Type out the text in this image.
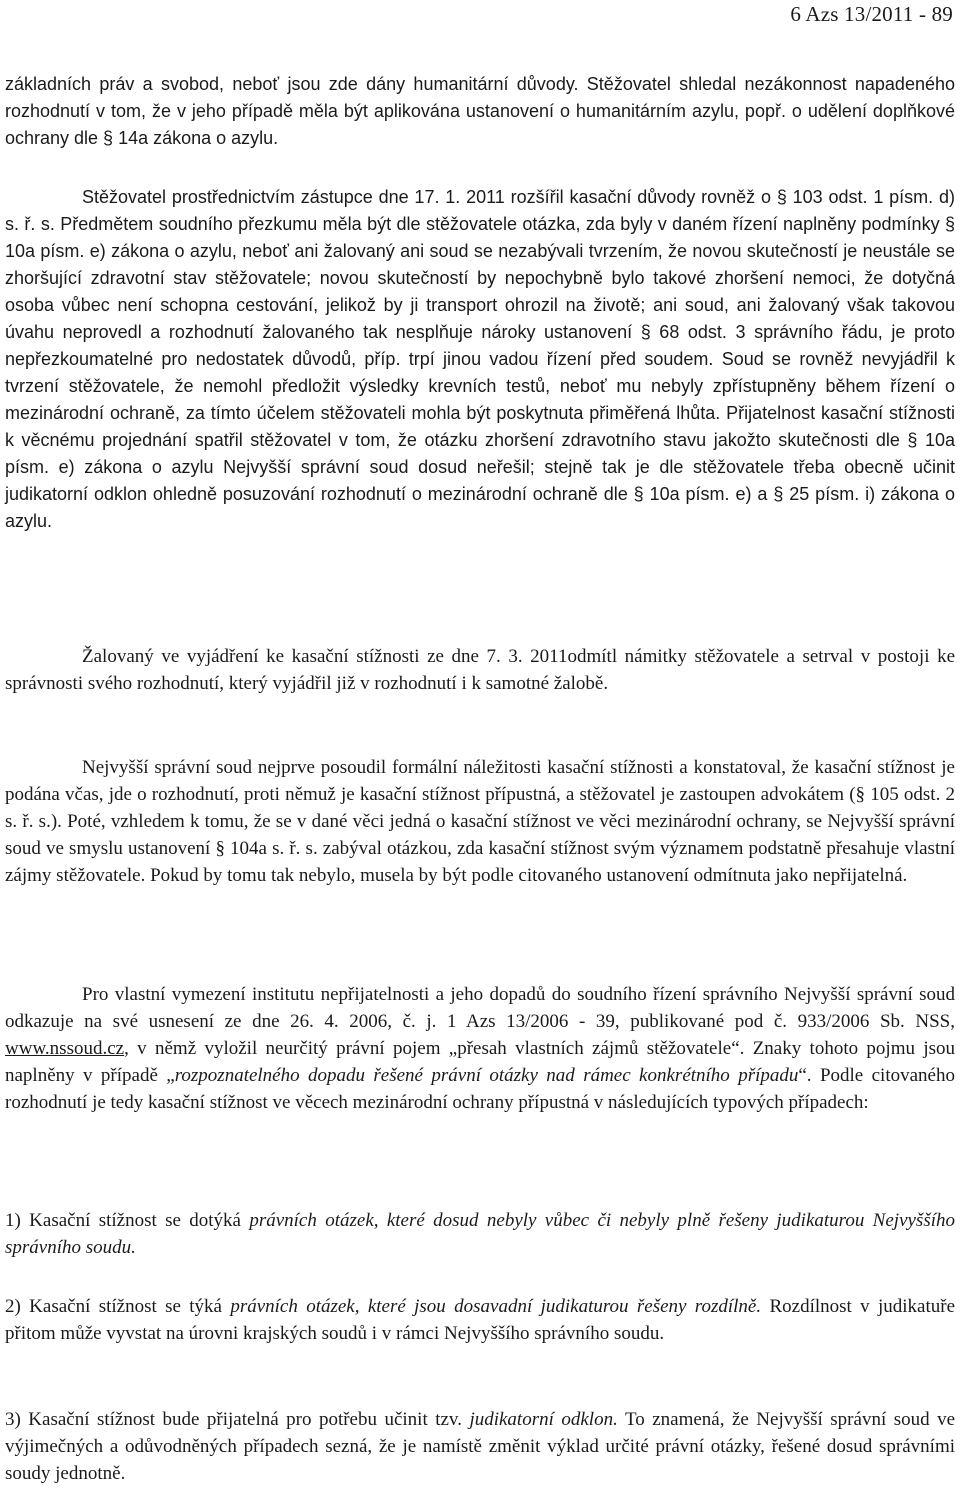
6 Azs 13/2011 - 89

základních práv a svobod, neboť jsou zde dány humanitární důvody. Stěžovatel shledal nezákonnost napadeného rozhodnutí v tom, že v jeho případě měla být aplikována ustanovení o humanitárním azylu, popř. o udělení doplňkové ochrany dle § 14a zákona o azylu.

Stěžovatel prostřednictvím zástupce dne 17. 1. 2011 rozšířil kasační důvody rovněž o § 103 odst. 1 písm. d) s. ř. s. Předmětem soudního přezkumu měla být dle stěžovatele otázka, zda byly v daném řízení naplněny podmínky § 10a písm. e) zákona o azylu, neboť ani žalovaný ani soud se nezabývali tvrzením, že novou skutečností je neustále se zhoršující zdravotní stav stěžovatele; novou skutečností by nepochybně bylo takové zhoršení nemoci, že dotyčná osoba vůbec není schopna cestování, jelikož by ji transport ohrozil na životě; ani soud, ani žalovaný však takovou úvahu neprovedl a rozhodnutí žalovaného tak nesplňuje nároky ustanovení § 68 odst. 3 správního řádu, je proto nepřezkoumatelné pro nedostatek důvodů, příp. trpí jinou vadou řízení před soudem. Soud se rovněž nevyjádřil k tvrzení stěžovatele, že nemohl předložit výsledky krevních testů, neboť mu nebyly zpřístupněny během řízení o mezinárodní ochraně, za tímto účelem stěžovateli mohla být poskytnuta přiměřená lhůta. Přijatelnost kasační stížnosti k věcnému projednání spatřil stěžovatel v tom, že otázku zhoršení zdravotního stavu jakožto skutečnosti dle § 10a písm. e) zákona o azylu Nejvyšší správní soud dosud neřešil; stejně tak je dle stěžovatele třeba obecně učinit judikatorní odklon ohledně posuzování rozhodnutí o mezinárodní ochraně dle § 10a písm. e) a § 25 písm. i) zákona o azylu.

Žalovaný ve vyjádření ke kasační stížnosti ze dne 7. 3. 2011odmítl námitky stěžovatele a setrval v postoji ke správnosti svého rozhodnutí, který vyjádřil již v rozhodnutí i k samotné žalobě.

Nejvyšší správní soud nejprve posoudil formální náležitosti kasační stížnosti a konstatoval, že kasační stížnost je podána včas, jde o rozhodnutí, proti němuž je kasační stížnost přípustná, a stěžovatel je zastoupen advokátem (§ 105 odst. 2 s. ř. s.). Poté, vzhledem k tomu, že se v dané věci jedná o kasační stížnost ve věci mezinárodní ochrany, se Nejvyšší správní soud ve smyslu ustanovení § 104a s. ř. s. zabýval otázkou, zda kasační stížnost svým významem podstatně přesahuje vlastní zájmy stěžovatele. Pokud by tomu tak nebylo, musela by být podle citovaného ustanovení odmítnuta jako nepřijatelná.

Pro vlastní vymezení institutu nepřijatelnosti a jeho dopadů do soudního řízení správního Nejvyšší správní soud odkazuje na své usnesení ze dne 26. 4. 2006, č. j. 1 Azs 13/2006 - 39, publikované pod č. 933/2006 Sb. NSS, www.nssoud.cz, v němž vyložil neurčitý právní pojem „přesah vlastních zájmů stěžovatele“. Znaky tohoto pojmu jsou naplněny v případě „rozpoznatelného dopadu řešené právní otázky nad rámec konkrétního případu“. Podle citovaného rozhodnutí je tedy kasační stížnost ve věcech mezinárodní ochrany přípustná v následujících typových případech:

1) Kasační stížnost se dotýká právních otázek, které dosud nebyly vůbec či nebyly plně řešeny judikaturou Nejvyššího správního soudu.

2) Kasační stížnost se týká právních otázek, které jsou dosavadní judikaturou řešeny rozdílně. Rozdílnost v judikatuře přitom může vyvstat na úrovni krajských soudů i v rámci Nejvyššího správního soudu.

3) Kasační stížnost bude přijatelná pro potřebu učinit tzv. judikatorní odklon. To znamená, že Nejvyšší správní soud ve výjimečných a odůvodněných případech sezná, že je namístě změnit výklad určité právní otázky, řešené dosud správními soudy jednotně.
